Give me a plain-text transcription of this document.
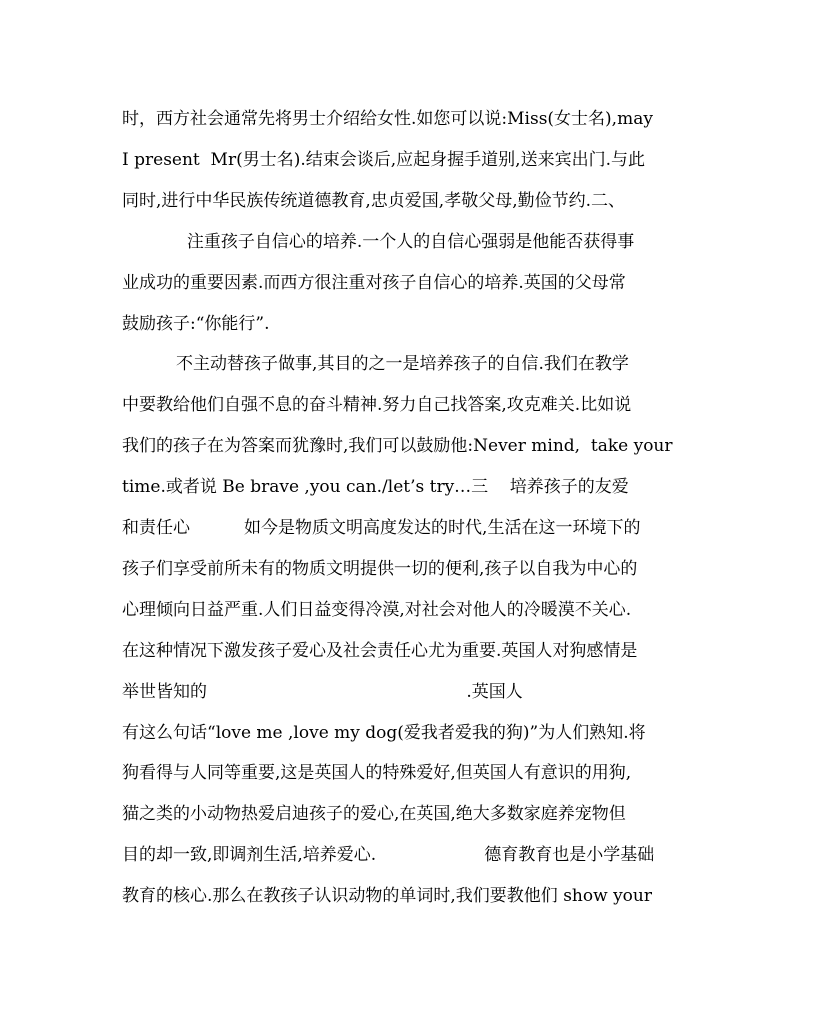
时，西方社会通常先将男士介绍给女性.如您可以说:Miss(女士名),may

I present  Mr(男士名).结束会谈后,应起身握手道别,送来宾出门.与此

同时,进行中华民族传统道德教育,忠贞爱国,孝敬父母,勤俭节约.二、

注重孩子自信心的培养.一个人的自信心强弱是他能否获得事

业成功的重要因素.而西方很注重对孩子自信心的培养.英国的父母常

鼓励孩子:“你能行”.

不主动替孩子做事,其目的之一是培养孩子的自信.我们在教学

中要教给他们自强不息的奋斗精神.努力自己找答案,攻克难关.比如说

我们的孩子在为答案而犹豫时,我们可以鼓励他:Never mind,  take your

time.或者说 Be brave ,you can./let’s try…三    培养孩子的友爱

和责任心          如今是物质文明高度发达的时代,生活在这一环境下的

孩子们享受前所未有的物质文明提供一切的便利,孩子以自我为中心的

心理倾向日益严重.人们日益变得冷漠,对社会对他人的冷暖漠不关心.

在这种情况下激发孩子爱心及社会责任心尤为重要.英国人对狗感情是

举世皆知的                                                .英国人

有这么句话“love me ,love my dog(爱我者爱我的狗)”为人们熟知.将

狗看得与人同等重要,这是英国人的特殊爱好,但英国人有意识的用狗,

猫之类的小动物热爱启迪孩子的爱心,在英国,绝大多数家庭养宠物但

目的却一致,即调剂生活,培养爱心.                    德育教育也是小学基础

教育的核心.那么在教孩子认识动物的单词时,我们要教他们 show your
